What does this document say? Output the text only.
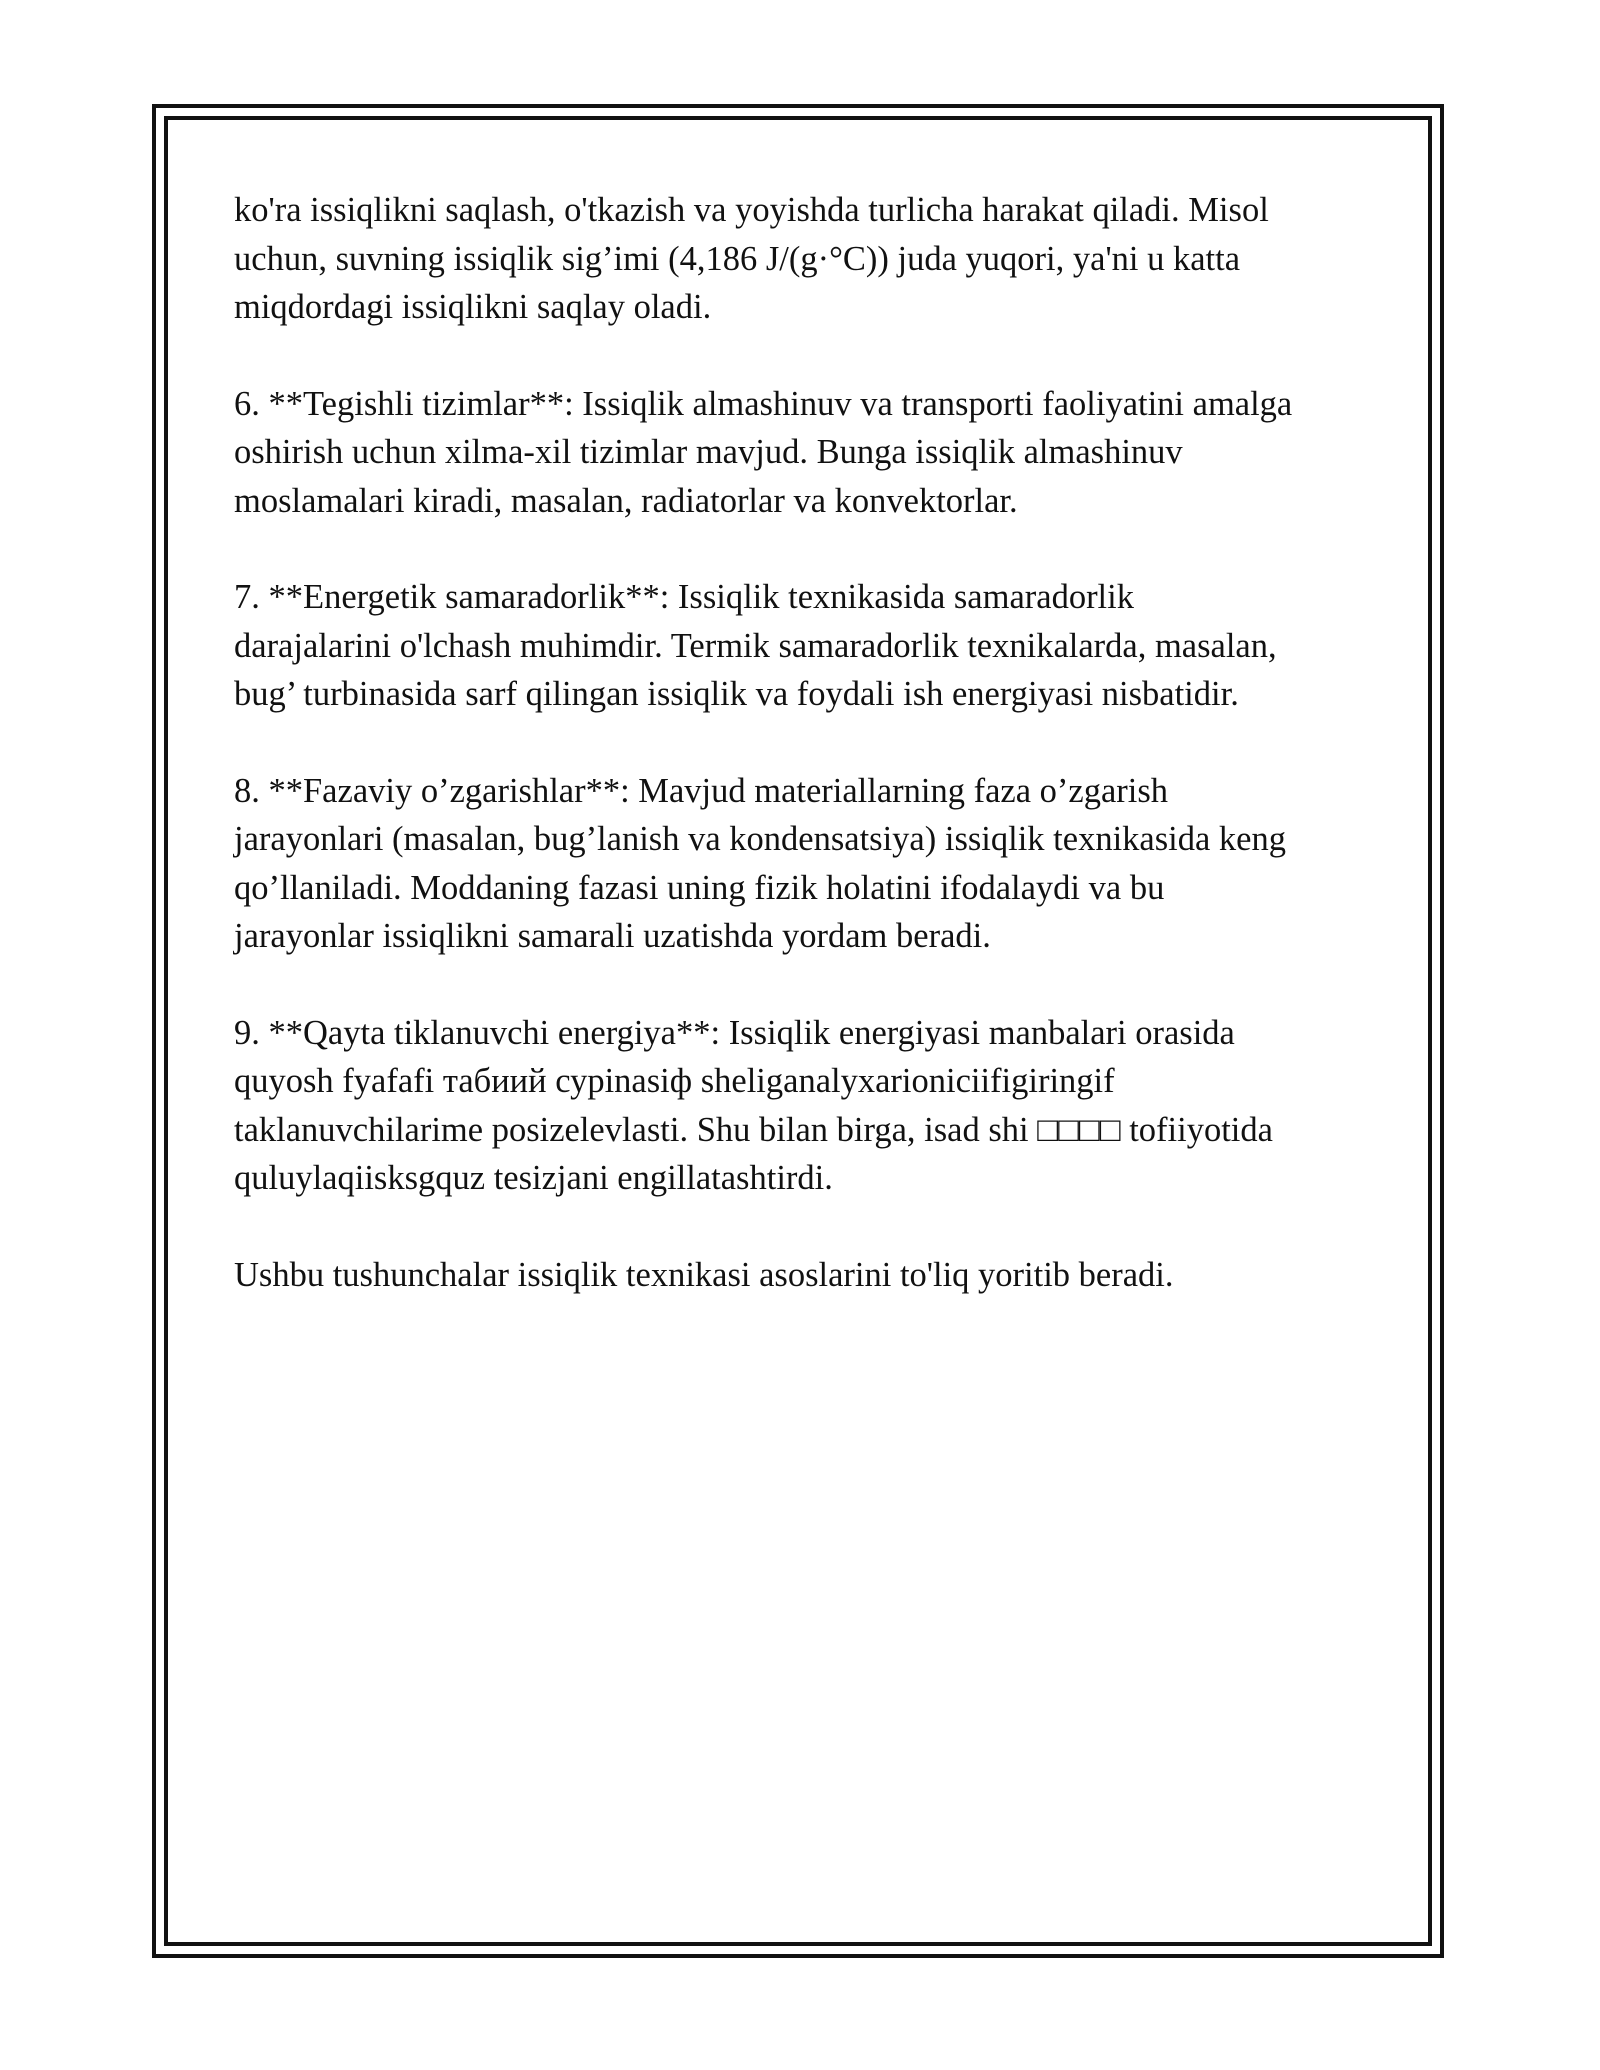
ko'ra issiqlikni saqlash, o'tkazish va yoyishda turlicha harakat qiladi. Misol
uchun, suvning issiqlik sig’imi (4,186 J/(g·°C)) juda yuqori, ya'ni u katta
miqdordagi issiqlikni saqlay oladi.

6. **Tegishli tizimlar**: Issiqlik almashinuv va transporti faoliyatini amalga
oshirish uchun xilma-xil tizimlar mavjud. Bunga issiqlik almashinuv
moslamalari kiradi, masalan, radiatorlar va konvektorlar.

7. **Energetik samaradorlik**: Issiqlik texnikasida samaradorlik
darajalarini o'lchash muhimdir. Termik samaradorlik texnikalarda, masalan,
bug’ turbinasida sarf qilingan issiqlik va foydali ish energiyasi nisbatidir.

8. **Fazaviy o’zgarishlar**: Mavjud materiallarning faza o’zgarish
jarayonlari (masalan, bug’lanish va kondensatsiya) issiqlik texnikasida keng
qo’llaniladi. Moddaning fazasi uning fizik holatini ifodalaydi va bu
jarayonlar issiqlikni samarali uzatishda yordam beradi.

9. **Qayta tiklanuvchi energiya**: Issiqlik energiyasi manbalari orasida
quyosh fyafafi табиий сурinasiф sheliganalyxarioniciifigiringif
taklanuvchilarime posizelevlasti. Shu bilan birga, isad shi □□□□ tofiiyotida
quluylaqiisksgquz tesizjani engillatashtirdi.

Ushbu tushunchalar issiqlik texnikasi asoslarini to'liq yoritib beradi.
